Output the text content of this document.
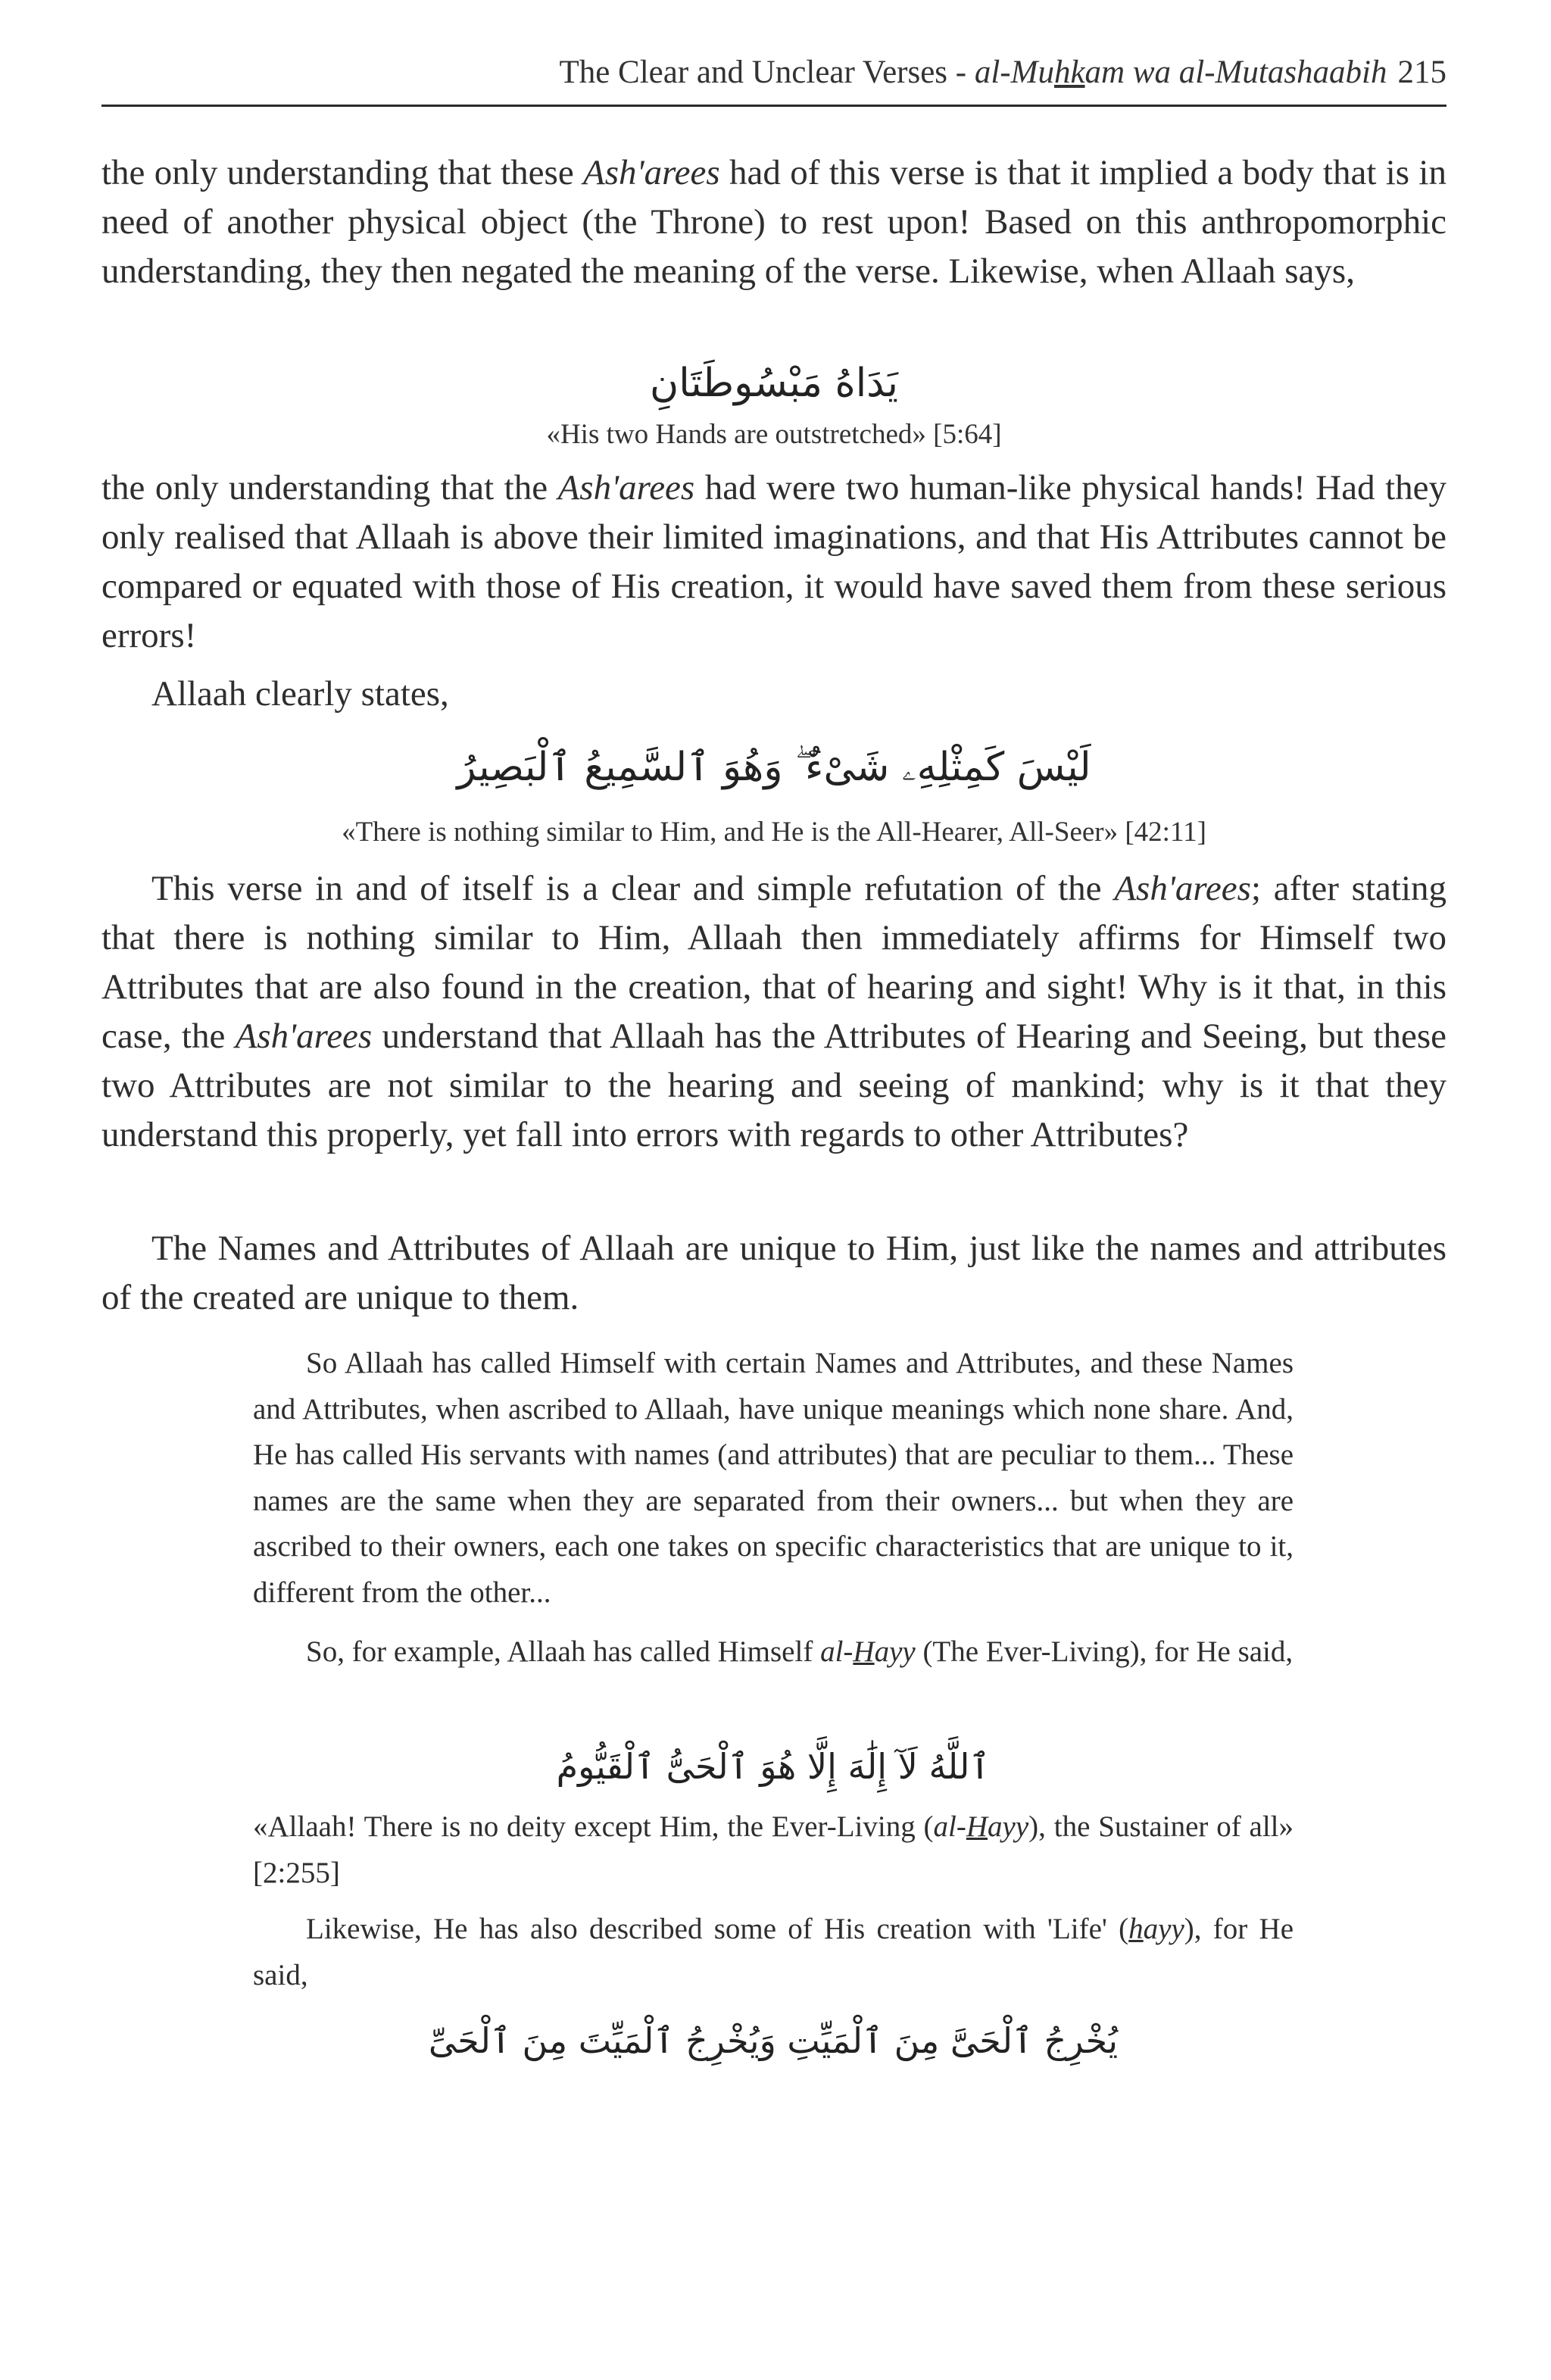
The Clear and Unclear Verses - al-Muhkam wa al-Mutashaabih 215

the only understanding that these Ash'arees had of this verse is that it implied a body that is in need of another physical object (the Throne) to rest upon! Based on this anthropomorphic understanding, they then negated the meaning of the verse. Likewise, when Allaah says,

يَدَاهُ مَبْسُوطَتَانِ
«His two Hands are outstretched» [5:64]

the only understanding that the Ash'arees had were two human-like physical hands! Had they only realised that Allaah is above their limited imaginations, and that His Attributes cannot be compared or equated with those of His creation, it would have saved them from these serious errors!

Allaah clearly states,

لَيْسَ كَمِثْلِهِۦ شَىْءٌ ۖ وَهُوَ ٱلسَّمِيعُ ٱلْبَصِيرُ
«There is nothing similar to Him, and He is the All-Hearer, All-Seer» [42:11]

This verse in and of itself is a clear and simple refutation of the Ash'arees; after stating that there is nothing similar to Him, Allaah then immediately affirms for Himself two Attributes that are also found in the creation, that of hearing and sight! Why is it that, in this case, the Ash'arees understand that Allaah has the Attributes of Hearing and Seeing, but these two Attributes are not similar to the hearing and seeing of mankind; why is it that they understand this properly, yet fall into errors with regards to other Attributes?

The Names and Attributes of Allaah are unique to Him, just like the names and attributes of the created are unique to them.

So Allaah has called Himself with certain Names and Attributes, and these Names and Attributes, when ascribed to Allaah, have unique meanings which none share. And, He has called His servants with names (and attributes) that are peculiar to them... These names are the same when they are separated from their owners... but when they are ascribed to their owners, each one takes on specific characteristics that are unique to it, different from the other...

So, for example, Allaah has called Himself al-Hayy (The Ever-Living), for He said,

ٱللَّهُ لَآ إِلَٰهَ إِلَّا هُوَ ٱلْحَىُّ ٱلْقَيُّومُ

«Allaah! There is no deity except Him, the Ever-Living (al-Hayy), the Sustainer of all» [2:255]

Likewise, He has also described some of His creation with 'Life' (hayy), for He said,

يُخْرِجُ ٱلْحَىَّ مِنَ ٱلْمَيِّتِ وَيُخْرِجُ ٱلْمَيِّتَ مِنَ ٱلْحَىِّ
